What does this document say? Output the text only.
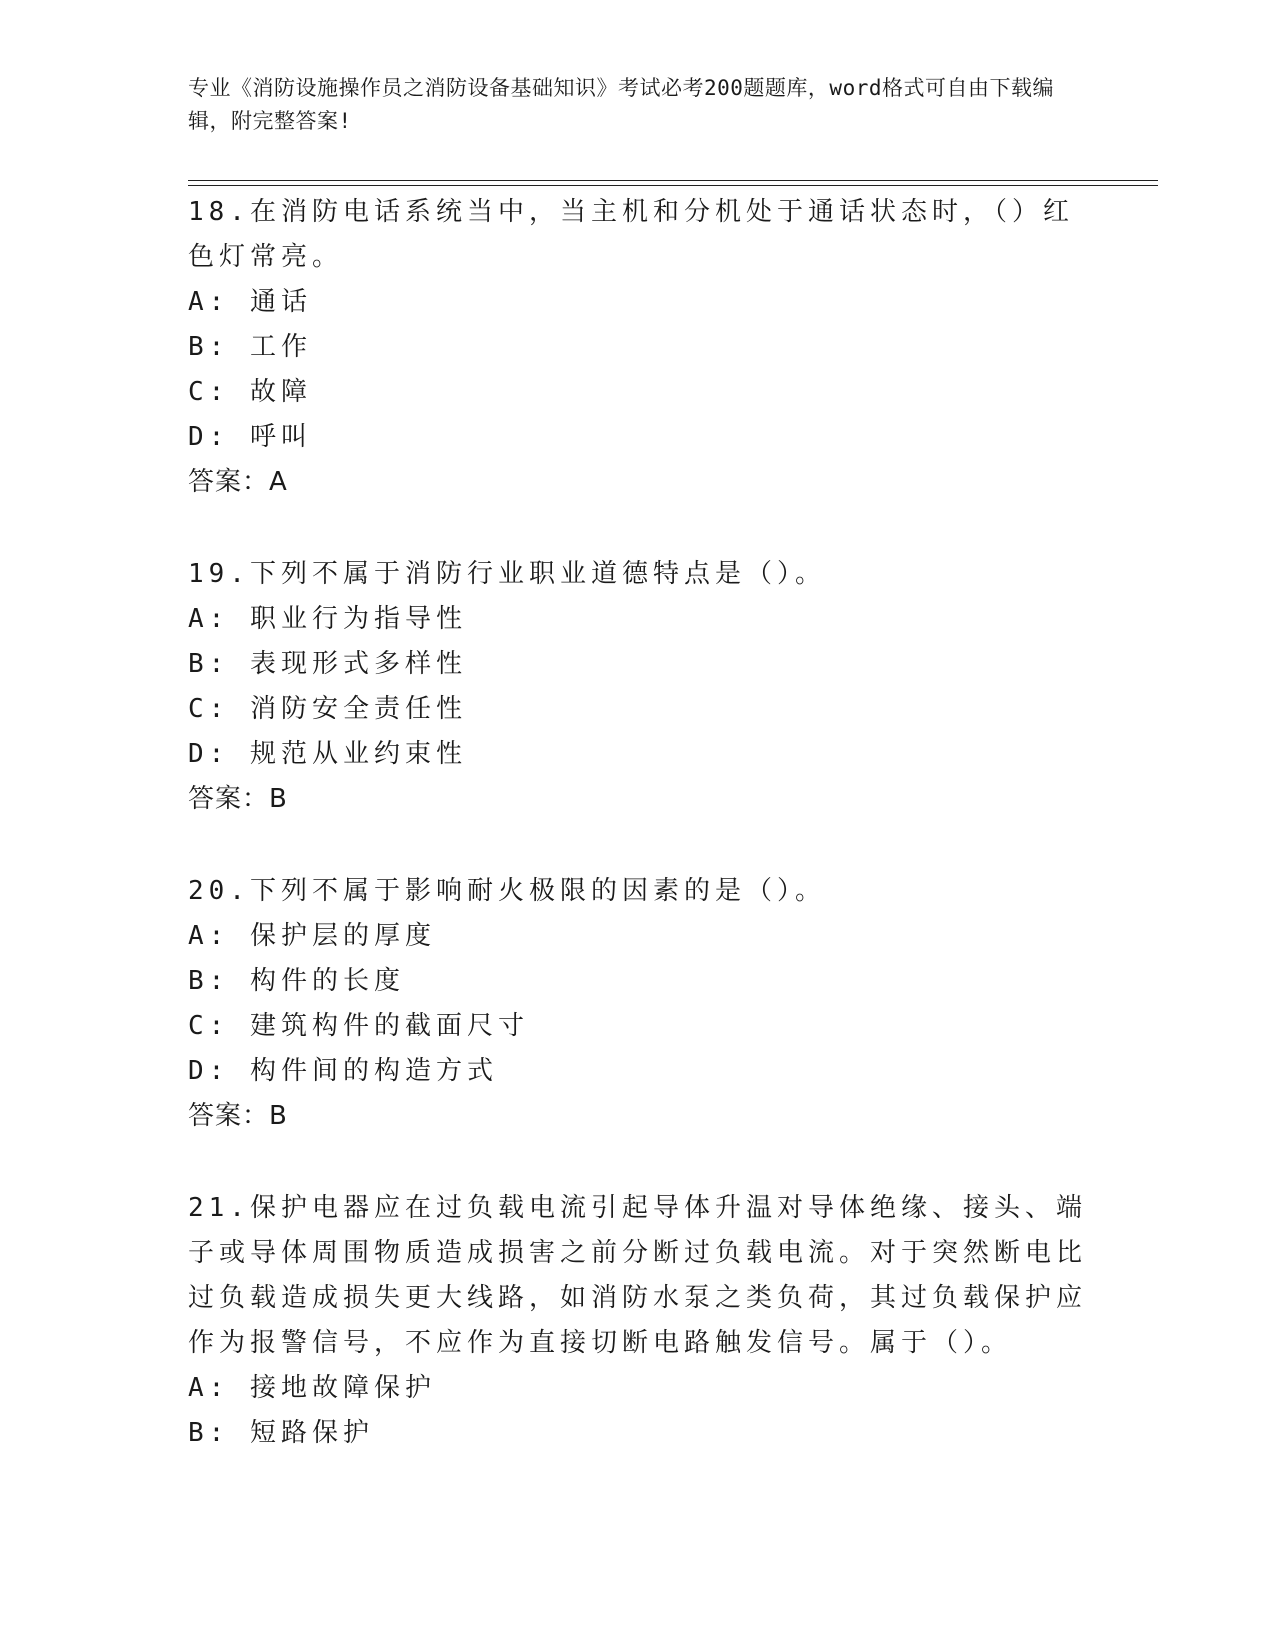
专业《消防设施操作员之消防设备基础知识》考试必考200题题库，word格式可自由下载编辑，附完整答案!
18.在消防电话系统当中，当主机和分机处于通话状态时，（）红色灯常亮。
A: 通话
B: 工作
C: 故障
D: 呼叫
答案：A
19.下列不属于消防行业职业道德特点是（）。
A: 职业行为指导性
B: 表现形式多样性
C: 消防安全责任性
D: 规范从业约束性
答案：B
20.下列不属于影响耐火极限的因素的是（）。
A: 保护层的厚度
B: 构件的长度
C: 建筑构件的截面尺寸
D: 构件间的构造方式
答案：B
21.保护电器应在过负载电流引起导体升温对导体绝缘、接头、端子或导体周围物质造成损害之前分断过负载电流。对于突然断电比过负载造成损失更大线路，如消防水泵之类负荷，其过负载保护应作为报警信号，不应作为直接切断电路触发信号。属于（）。
A: 接地故障保护
B: 短路保护
